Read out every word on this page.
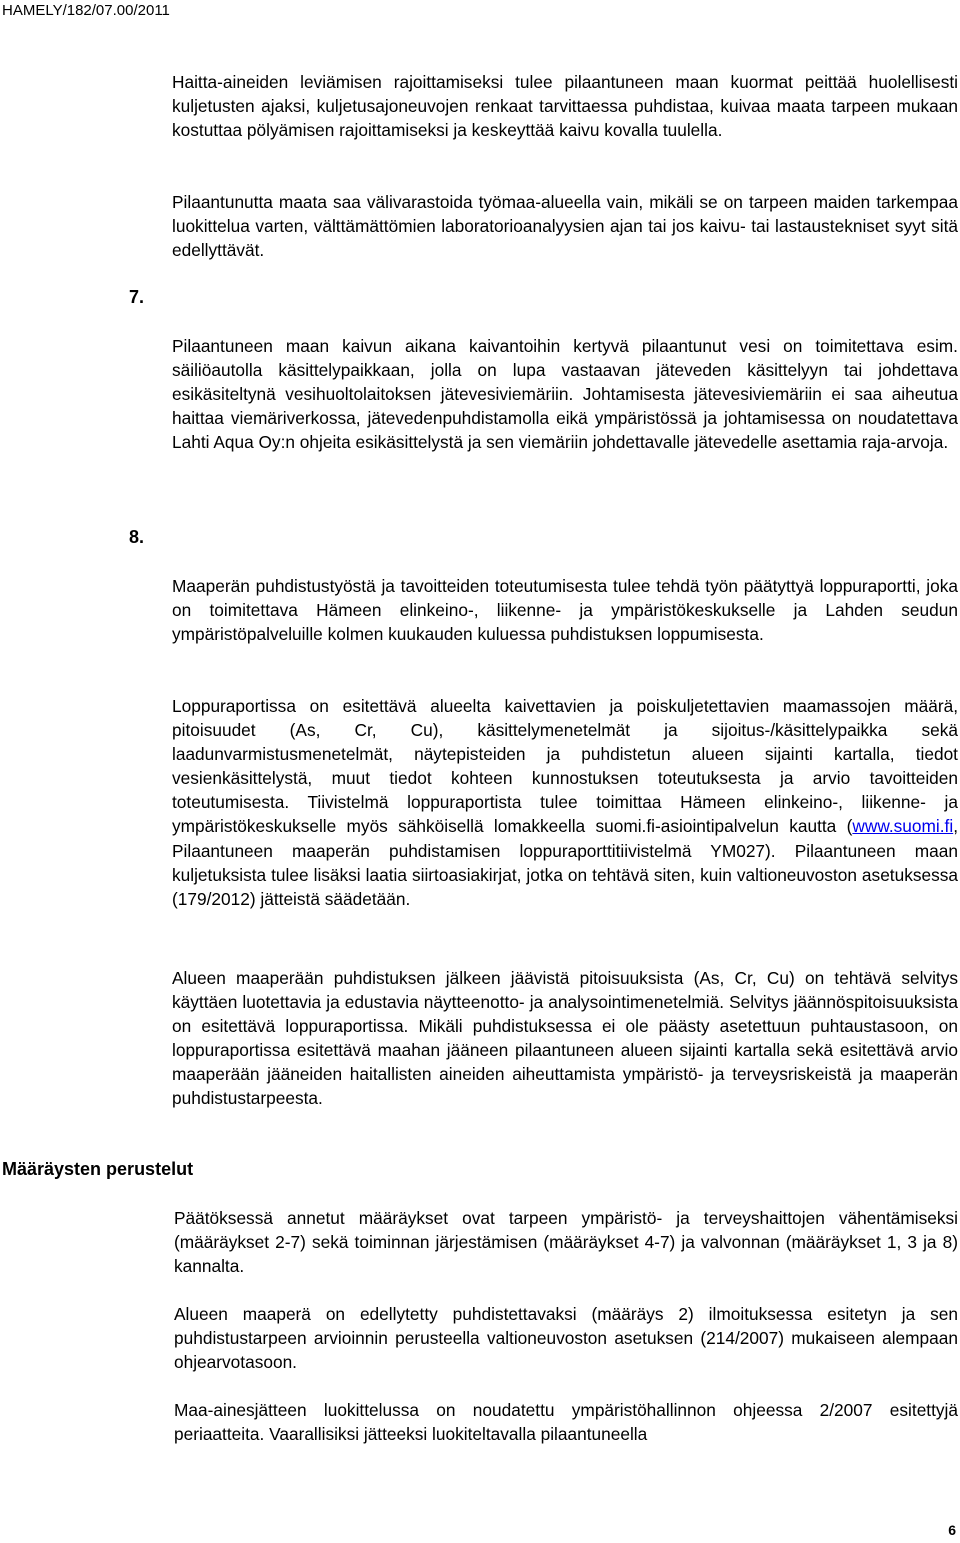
HAMELY/182/07.00/2011
7.
8.
Määräysten perustelut

Haitta-aineiden leviämisen rajoittamiseksi tulee pilaantuneen maan kuormat peittää huolellisesti kuljetusten ajaksi, kuljetusajoneuvojen renkaat tarvittaessa puhdistaa, kuivaa maata tarpeen mukaan kostuttaa pölyämisen rajoittamiseksi ja keskeyttää kaivu kovalla tuulella.

Pilaantunutta maata saa välivarastoida työmaa-alueella vain, mikäli se on tarpeen maiden tarkempaa luokittelua varten, välttämättömien laboratorioanalyysien ajan tai jos kaivu- tai lastaustekniset syyt sitä edellyttävät.

Pilaantuneen maan kaivun aikana kaivantoihin kertyvä pilaantunut vesi on toimitettava esim. säiliöautolla käsittelypaikkaan, jolla on lupa vastaavan jäteveden käsittelyyn tai johdettava esikäsiteltynä vesihuoltolaitoksen jätevesiviemäriin. Johtamisesta jätevesiviemäriin ei saa aiheutua haittaa viemäriverkossa, jätevedenpuhdistamolla eikä ympäristössä ja johtamisessa on noudatettava Lahti Aqua Oy:n ohjeita esikäsittelystä ja sen viemäriin johdettavalle jätevedelle asettamia raja-arvoja.

Maaperän puhdistustyöstä ja tavoitteiden toteutumisesta tulee tehdä työn päätyttyä loppuraportti, joka on toimitettava Hämeen elinkeino-, liikenne- ja ympäristökeskukselle ja Lahden seudun ympäristöpalveluille kolmen kuukauden kuluessa puhdistuksen loppumisesta.

Loppuraportissa on esitettävä alueelta kaivettavien ja poiskuljetettavien maamassojen määrä, pitoisuudet (As, Cr, Cu), käsittelymenetelmät ja sijoitus-/käsittelypaikka sekä laadunvarmistusmenetelmät, näytepisteiden ja puhdistetun alueen sijainti kartalla, tiedot vesienkäsittelystä, muut tiedot kohteen kunnostuksen toteutuksesta ja arvio tavoitteiden toteutumisesta. Tiivistelmä loppuraportista tulee toimittaa Hämeen elinkeino-, liikenne- ja ympäristökeskukselle myös sähköisellä lomakkeella suomi.fi-asiointipalvelun kautta (www.suomi.fi, Pilaantuneen maaperän puhdistamisen loppuraporttitiivistelmä YM027). Pilaantuneen maan kuljetuksista tulee lisäksi laatia siirtoasiakirjat, jotka on tehtävä siten, kuin valtioneuvoston asetuksessa (179/2012) jätteistä säädetään.

Alueen maaperään puhdistuksen jälkeen jäävistä pitoisuuksista (As, Cr, Cu) on tehtävä selvitys käyttäen luotettavia ja edustavia näytteenotto- ja analysointimenetelmiä. Selvitys jäännöspitoisuuksista on esitettävä loppuraportissa. Mikäli puhdistuksessa ei ole päästy asetettuun puhtaustasoon, on loppuraportissa esitettävä maahan jääneen pilaantuneen alueen sijainti kartalla sekä esitettävä arvio maaperään jääneiden haitallisten aineiden aiheuttamista ympäristö- ja terveysriskeistä ja maaperän puhdistustarpeesta.

Päätöksessä annetut määräykset ovat tarpeen ympäristö- ja terveyshaittojen vähentämiseksi (määräykset 2-7) sekä toiminnan järjestämisen (määräykset 4-7) ja valvonnan (määräykset 1, 3 ja 8) kannalta.

Alueen maaperä on edellytetty puhdistettavaksi (määräys 2) ilmoituksessa esitetyn ja sen puhdistustarpeen arvioinnin perusteella valtioneuvoston asetuksen (214/2007) mukaiseen alempaan ohjearvotasoon.

Maa-ainesjätteen luokittelussa on noudatettu ympäristöhallinnon ohjeessa 2/2007 esitettyjä periaatteita. Vaarallisiksi jätteeksi luokiteltavalla pilaantuneella

6
